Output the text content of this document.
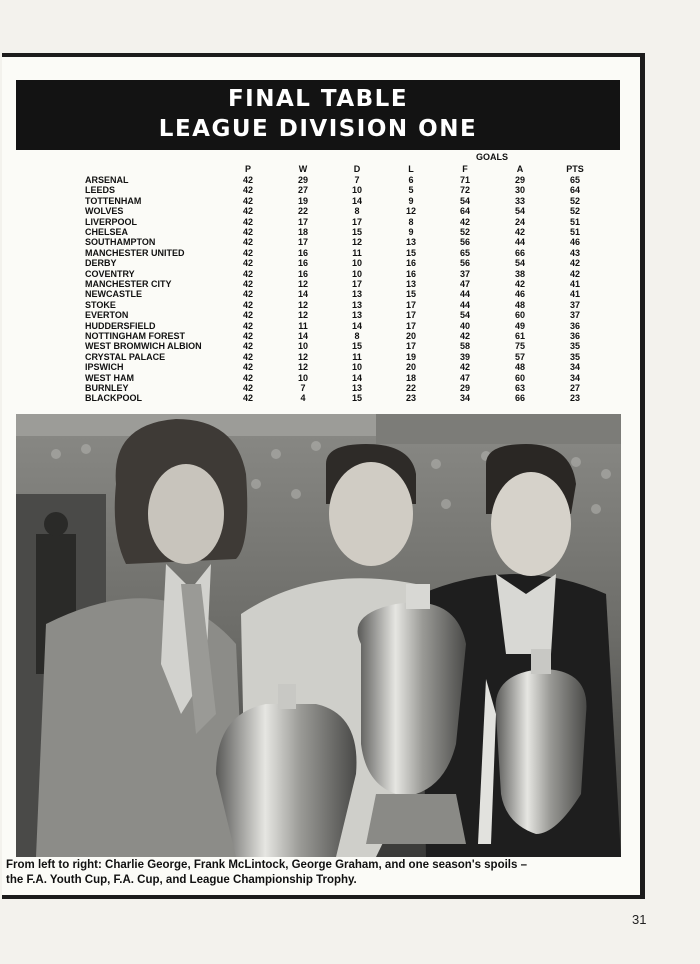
FINAL TABLE
LEAGUE DIVISION ONE
GOALS
P	W	D	L	F	A	PTS
ARSENAL	42	29	7	6	71	29	65
LEEDS	42	27	10	5	72	30	64
TOTTENHAM	42	19	14	9	54	33	52
WOLVES	42	22	8	12	64	54	52
LIVERPOOL	42	17	17	8	42	24	51
CHELSEA	42	18	15	9	52	42	51
SOUTHAMPTON	42	17	12	13	56	44	46
MANCHESTER UNITED	42	16	11	15	65	66	43
DERBY	42	16	10	16	56	54	42
COVENTRY	42	16	10	16	37	38	42
MANCHESTER CITY	42	12	17	13	47	42	41
NEWCASTLE	42	14	13	15	44	46	41
STOKE	42	12	13	17	44	48	37
EVERTON	42	12	13	17	54	60	37
HUDDERSFIELD	42	11	14	17	40	49	36
NOTTINGHAM FOREST	42	14	8	20	42	61	36
WEST BROMWICH ALBION	42	10	15	17	58	75	35
CRYSTAL PALACE	42	12	11	19	39	57	35
IPSWICH	42	12	10	20	42	48	34
WEST HAM	42	10	14	18	47	60	34
BURNLEY	42	7	13	22	29	63	27
BLACKPOOL	42	4	15	23	34	66	23
From left to right: Charlie George, Frank McLintock, George Graham, and one season's spoils –
the F.A. Youth Cup, F.A. Cup, and League Championship Trophy.
31
